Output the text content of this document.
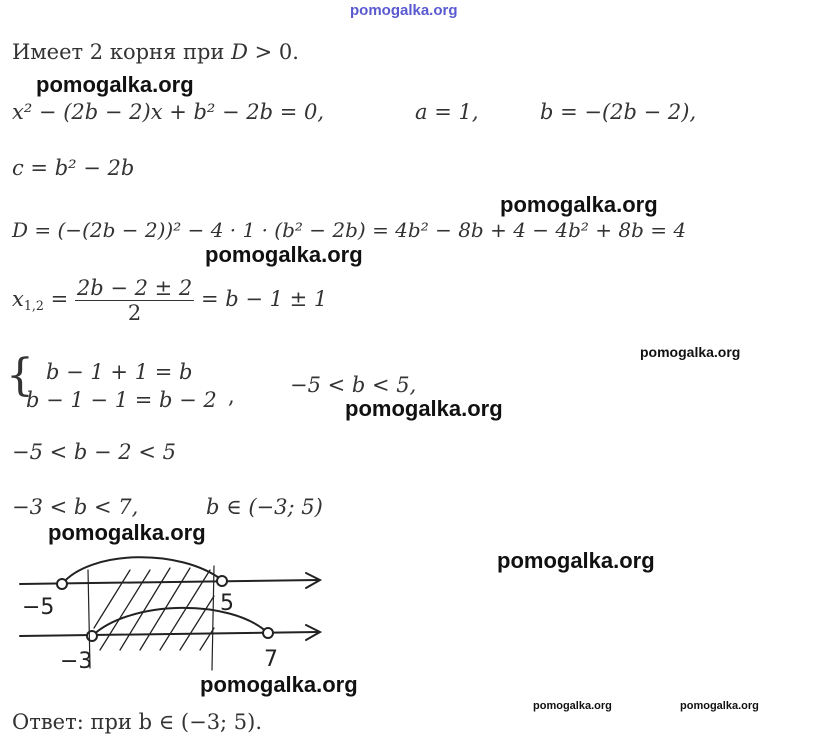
pomogalka.org
Имеет 2 корня при D > 0.
pomogalka.org
x² − (2b − 2)x + b² − 2b = 0,	a = 1,	b = −(2b − 2),
c = b² − 2b
pomogalka.org
D = (−(2b − 2))² − 4 · 1 · (b² − 2b) = 4b² − 8b + 4 − 4b² + 8b = 4
pomogalka.org
$x_{1,2} = \frac{2b - 2 \pm 2}{2} = b - 1 \pm 1$
pomogalka.org
{ b − 1 + 1 = b
b − 1 − 1 = b − 2 ,	−5 < b < 5,
pomogalka.org
−5 < b − 2 < 5
−3 < b < 7,	b ∈ (−3; 5)
pomogalka.org
pomogalka.org
−5	5
−3	7
pomogalka.org
Ответ: при b ∈ (−3; 5).
pomogalka.org	pomogalka.org
